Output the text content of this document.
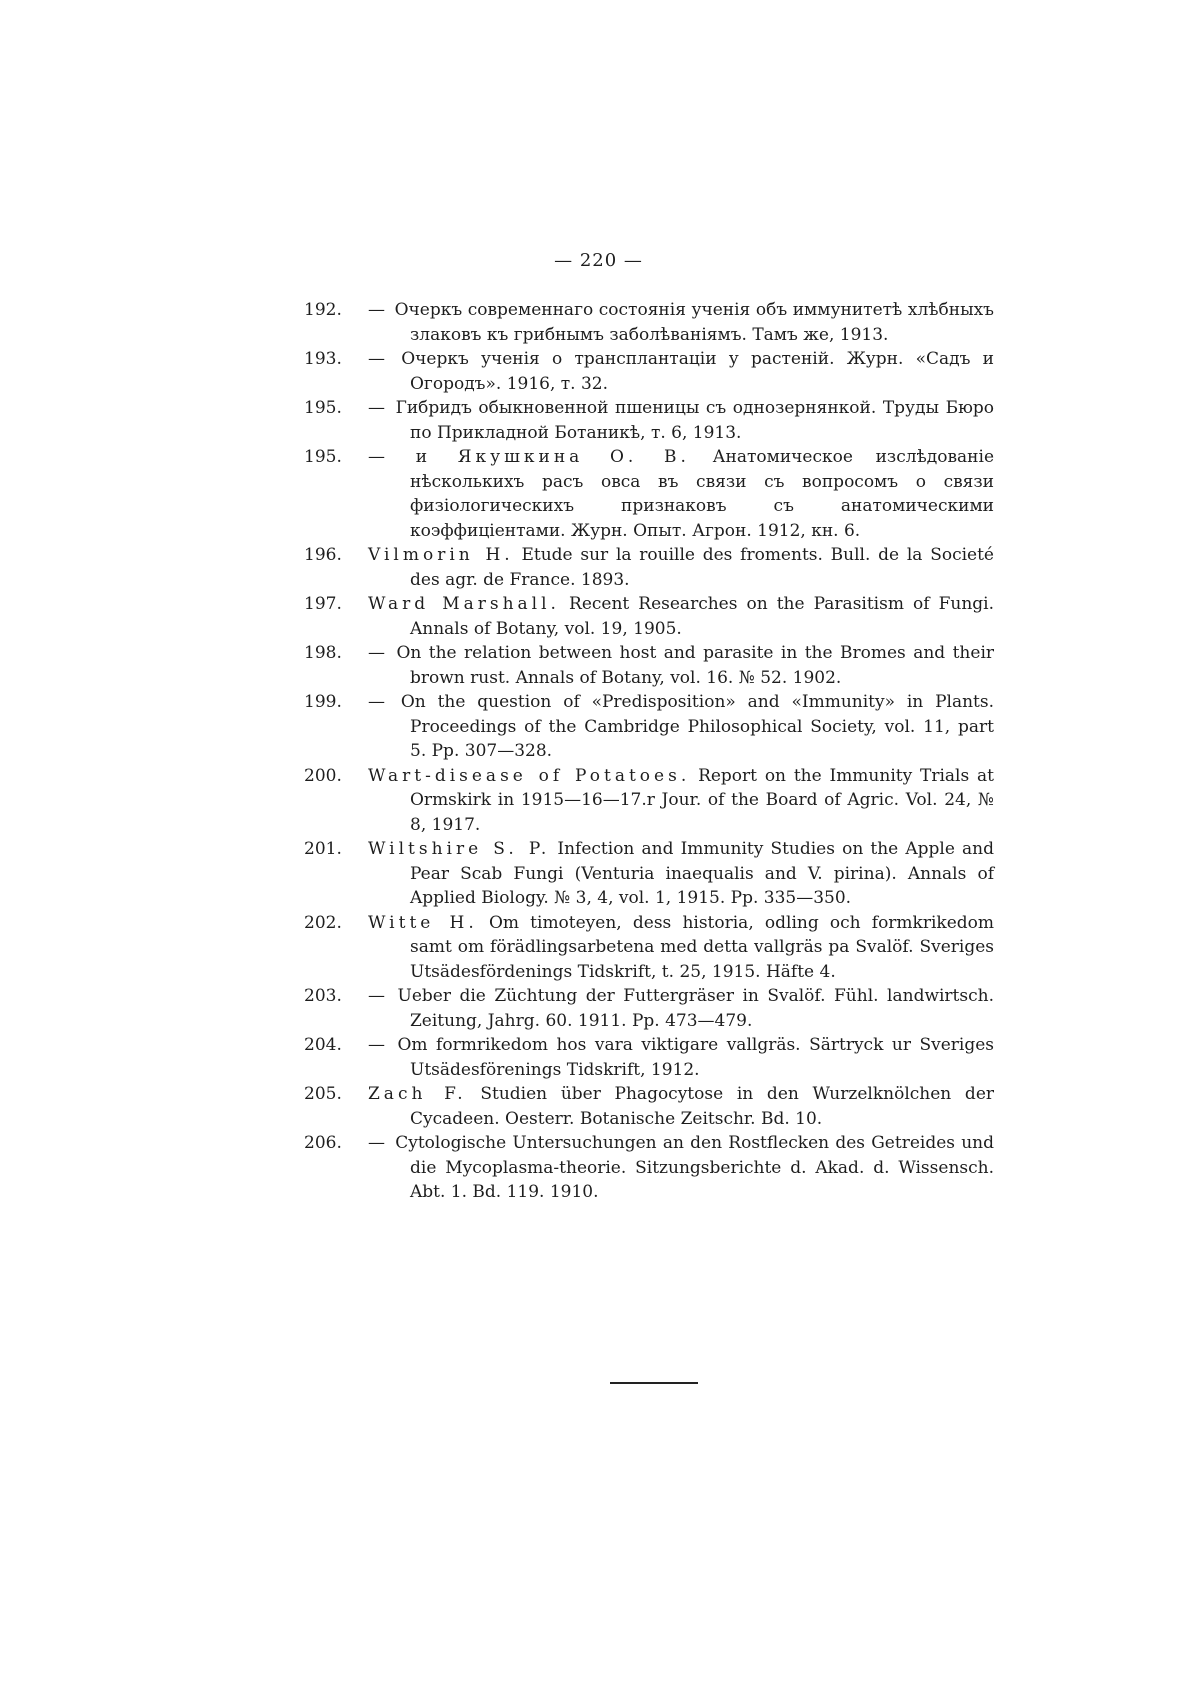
— 220 —
192. — Очеркъ современнаго состоянія ученія объ иммунитетѣ хлѣбныхъ злаковъ къ грибнымъ заболѣваніямъ. Тамъ же, 1913.
193. — Очеркъ ученія о трансплантаціи у растеній. Журн. «Садъ и Огородъ». 1916, т. 32.
195. — Гибридъ обыкновенной пшеницы съ однозернянкой. Труды Бюро по Прикладной Ботаникѣ, т. 6, 1913.
195. — и Якушкина О. В. Анатомическое изслѣдованіе нѣсколькихъ расъ овса въ связи съ вопросомъ о связи физіологическихъ признаковъ съ анатомическими коэффиціентами. Журн. Опыт. Агрон. 1912, кн. 6.
196. Vilmorin H. Etude sur la rouille des froments. Bull. de la Societé des agr. de France. 1893.
197. Ward Marshall. Recent Researches on the Parasitism of Fungi. Annals of Botany, vol. 19, 1905.
198. — On the relation between host and parasite in the Bromes and their brown rust. Annals of Botany, vol. 16. № 52. 1902.
199. — On the question of «Predisposition» and «Immunity» in Plants. Proceedings of the Cambridge Philosophical Society, vol. 11, part 5. Pp. 307—328.
200. Wart-disease of Potatoes. Report on the Immunity Trials at Ormskirk in 1915—16—17.r Jour. of the Board of Agric. Vol. 24, № 8, 1917.
201. Wiltshire S. P. Infection and Immunity Studies on the Apple and Pear Scab Fungi (Venturia inaequalis and V. pirina). Annals of Applied Biology. № 3, 4, vol. 1, 1915. Pp. 335—350.
202. Witte H. Om timoteyen, dess historia, odling och formkrikedom samt om förädlingsarbetena med detta vallgräs pa Svalöf. Sveriges Utsädesfördenings Tidskrift, t. 25, 1915. Häfte 4.
203. — Ueber die Züchtung der Futtergräser in Svalöf. Fühl. landwirtsch. Zeitung, Jahrg. 60. 1911. Pp. 473—479.
204. — Om formrikedom hos vara viktigare vallgräs. Särtryck ur Sveriges Utsädesförenings Tidskrift, 1912.
205. Zach F. Studien über Phagocytose in den Wurzelknölchen der Cycadeen. Oesterr. Botanische Zeitschr. Bd. 10.
206. — Cytologische Untersuchungen an den Rostflecken des Getreides und die Mycoplasma-theorie. Sitzungsberichte d. Akad. d. Wissensch. Abt. 1. Bd. 119. 1910.
